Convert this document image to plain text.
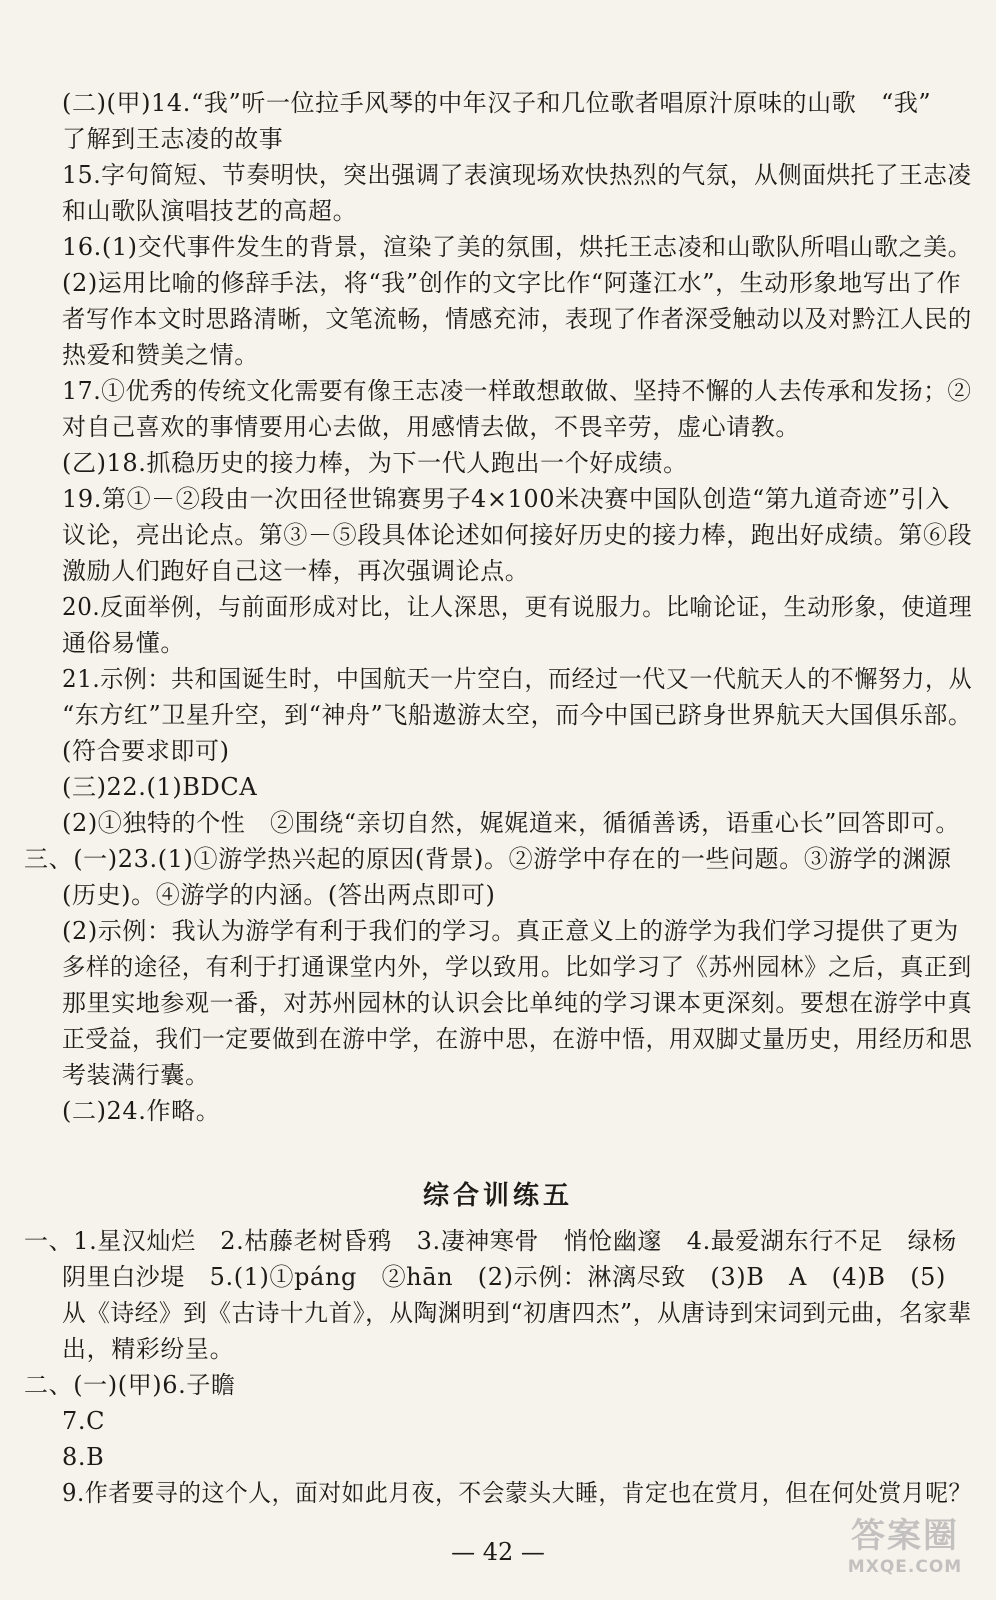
(二)(甲)14.“我”听一位拉手风琴的中年汉子和几位歌者唱原汁原味的山歌　“我”
了解到王志凌的故事
15.字句简短、节奏明快，突出强调了表演现场欢快热烈的气氛，从侧面烘托了王志凌
和山歌队演唱技艺的高超。
16.(1)交代事件发生的背景，渲染了美的氛围，烘托王志凌和山歌队所唱山歌之美。
(2)运用比喻的修辞手法，将“我”创作的文字比作“阿蓬江水”，生动形象地写出了作
者写作本文时思路清晰，文笔流畅，情感充沛，表现了作者深受触动以及对黔江人民的
热爱和赞美之情。
17.①优秀的传统文化需要有像王志凌一样敢想敢做、坚持不懈的人去传承和发扬；②
对自己喜欢的事情要用心去做，用感情去做，不畏辛劳，虚心请教。
(乙)18.抓稳历史的接力棒，为下一代人跑出一个好成绩。
19.第①－②段由一次田径世锦赛男子4×100米决赛中国队创造“第九道奇迹”引入
议论，亮出论点。第③－⑤段具体论述如何接好历史的接力棒，跑出好成绩。第⑥段
激励人们跑好自己这一棒，再次强调论点。
20.反面举例，与前面形成对比，让人深思，更有说服力。比喻论证，生动形象，使道理
通俗易懂。
21.示例：共和国诞生时，中国航天一片空白，而经过一代又一代航天人的不懈努力，从
“东方红”卫星升空，到“神舟”飞船遨游太空，而今中国已跻身世界航天大国俱乐部。
(符合要求即可)
(三)22.(1)BDCA
(2)①独特的个性　②围绕“亲切自然，娓娓道来，循循善诱，语重心长”回答即可。
三、(一)23.(1)①游学热兴起的原因(背景)。②游学中存在的一些问题。③游学的渊源
(历史)。④游学的内涵。(答出两点即可)
(2)示例：我认为游学有利于我们的学习。真正意义上的游学为我们学习提供了更为
多样的途径，有利于打通课堂内外，学以致用。比如学习了《苏州园林》之后，真正到
那里实地参观一番，对苏州园林的认识会比单纯的学习课本更深刻。要想在游学中真
正受益，我们一定要做到在游中学，在游中思，在游中悟，用双脚丈量历史，用经历和思
考装满行囊。
(二)24.作略。
综合训练五
一、1.星汉灿烂　2.枯藤老树昏鸦　3.凄神寒骨　悄怆幽邃　4.最爱湖东行不足　绿杨
阴里白沙堤　5.(1)①páng　②hān　(2)示例：淋漓尽致　(3)B　A　(4)B　(5)
从《诗经》到《古诗十九首》，从陶渊明到“初唐四杰”，从唐诗到宋词到元曲，名家辈
出，精彩纷呈。
二、(一)(甲)6.子瞻
7.C
8.B
9.作者要寻的这个人，面对如此月夜，不会蒙头大睡，肯定也在赏月，但在何处赏月呢？
— 42 —	答案圈
MXQE.COM
